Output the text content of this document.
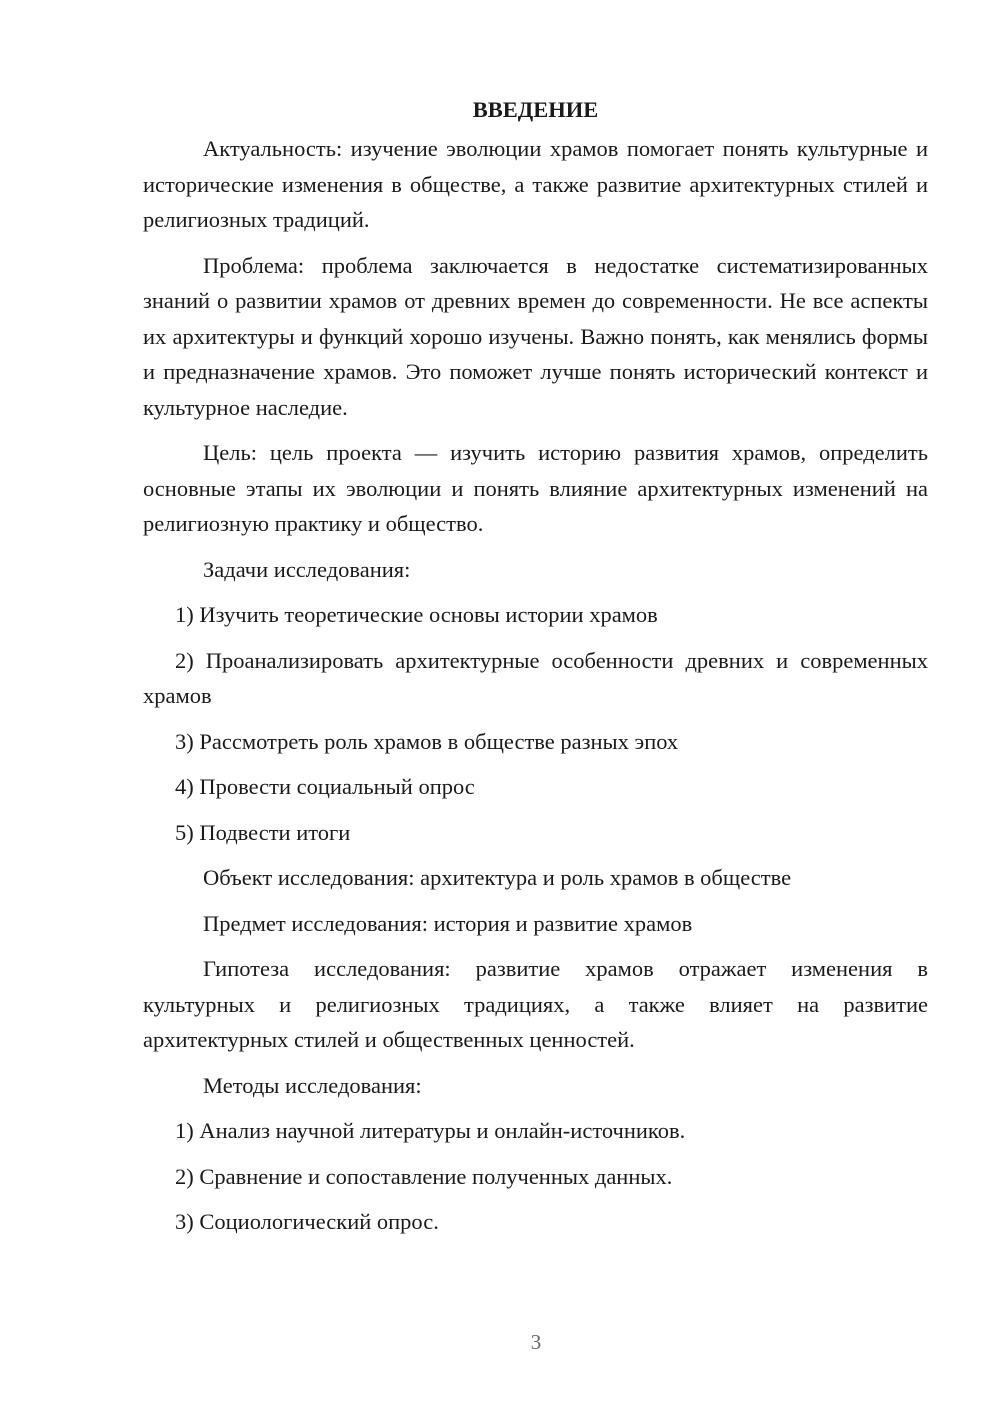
ВВЕДЕНИЕ

Актуальность: изучение эволюции храмов помогает понять культурные и исторические изменения в обществе, а также развитие архитектурных стилей и религиозных традиций.

Проблема: проблема заключается в недостатке систематизированных знаний о развитии храмов от древних времен до современности. Не все аспекты их архитектуры и функций хорошо изучены. Важно понять, как менялись формы и предназначение храмов. Это поможет лучше понять исторический контекст и культурное наследие.

Цель: цель проекта — изучить историю развития храмов, определить основные этапы их эволюции и понять влияние архитектурных изменений на религиозную практику и общество.

Задачи исследования:

1) Изучить теоретические основы истории храмов

2) Проанализировать архитектурные особенности древних и современных храмов

3) Рассмотреть роль храмов в обществе разных эпох

4) Провести социальный опрос

5) Подвести итоги

Объект исследования: архитектура и роль храмов в обществе

Предмет исследования: история и развитие храмов

Гипотеза исследования: развитие храмов отражает изменения в культурных и религиозных традициях, а также влияет на развитие архитектурных стилей и общественных ценностей.

Методы исследования:

1) Анализ научной литературы и онлайн-источников.

2) Сравнение и сопоставление полученных данных.

3) Социологический опрос.

3
